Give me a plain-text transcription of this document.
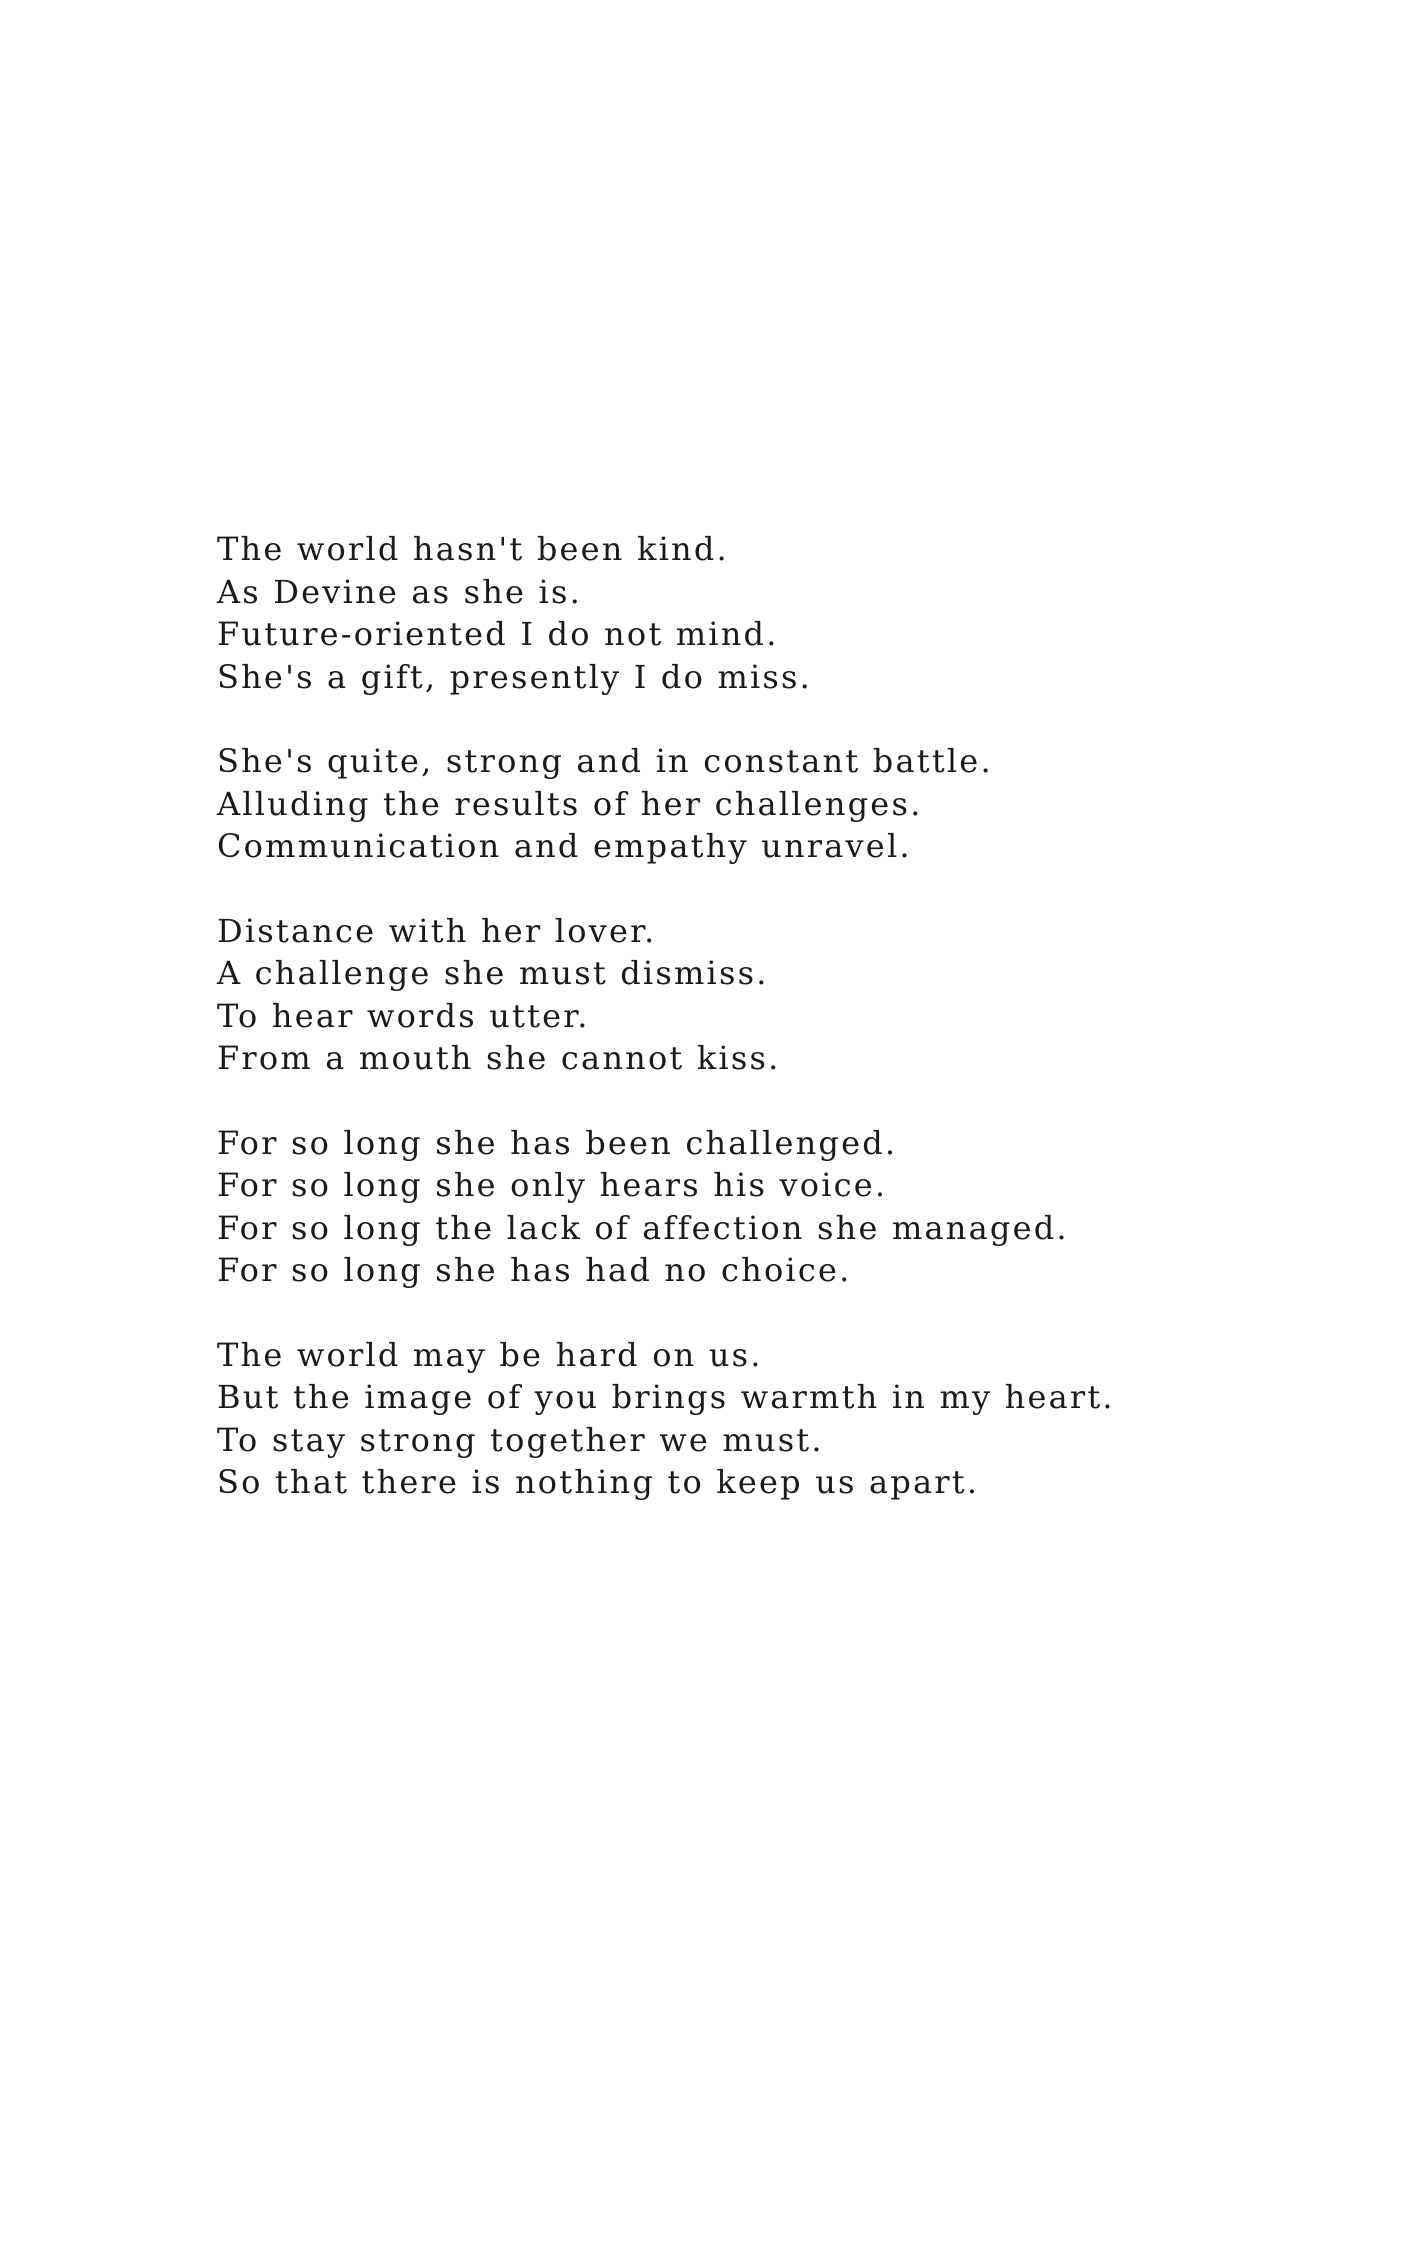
The world hasn't been kind.
As Devine as she is.
Future-oriented I do not mind.
She's a gift, presently I do miss.
She's quite, strong and in constant battle.
Alluding the results of her challenges.
Communication and empathy unravel.
Distance with her lover.
A challenge she must dismiss.
To hear words utter.
From a mouth she cannot kiss.
For so long she has been challenged.
For so long she only hears his voice.
For so long the lack of affection she managed.
For so long she has had no choice.
The world may be hard on us.
But the image of you brings warmth in my heart.
To stay strong together we must.
So that there is nothing to keep us apart.
